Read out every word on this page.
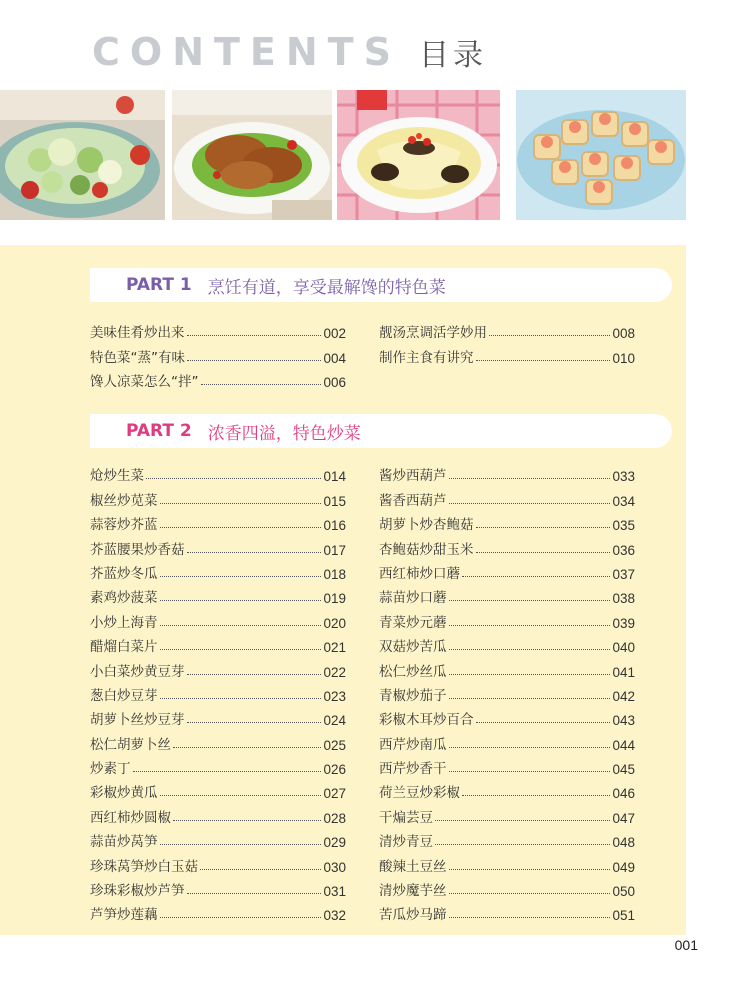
CONTENTS 目录
PART 1 烹饪有道，享受最解馋的特色菜
美味佳肴炒出来	002
特色菜“蒸”有味	004
馋人凉菜怎么“拌”	006
靓汤烹调活学妙用	008
制作主食有讲究	010
PART 2 浓香四溢，特色炒菜
炝炒生菜	014
椒丝炒苋菜	015
蒜蓉炒芥蓝	016
芥蓝腰果炒香菇	017
芥蓝炒冬瓜	018
素鸡炒菠菜	019
小炒上海青	020
醋熘白菜片	021
小白菜炒黄豆芽	022
葱白炒豆芽	023
胡萝卜丝炒豆芽	024
松仁胡萝卜丝	025
炒素丁	026
彩椒炒黄瓜	027
西红柿炒圆椒	028
蒜苗炒莴笋	029
珍珠莴笋炒白玉菇	030
珍珠彩椒炒芦笋	031
芦笋炒莲藕	032
酱炒西葫芦	033
酱香西葫芦	034
胡萝卜炒杏鲍菇	035
杏鲍菇炒甜玉米	036
西红柿炒口蘑	037
蒜苗炒口蘑	038
青菜炒元蘑	039
双菇炒苦瓜	040
松仁炒丝瓜	041
青椒炒茄子	042
彩椒木耳炒百合	043
西芹炒南瓜	044
西芹炒香干	045
荷兰豆炒彩椒	046
干煸芸豆	047
清炒青豆	048
酸辣土豆丝	049
清炒魔芋丝	050
苦瓜炒马蹄	051
001
